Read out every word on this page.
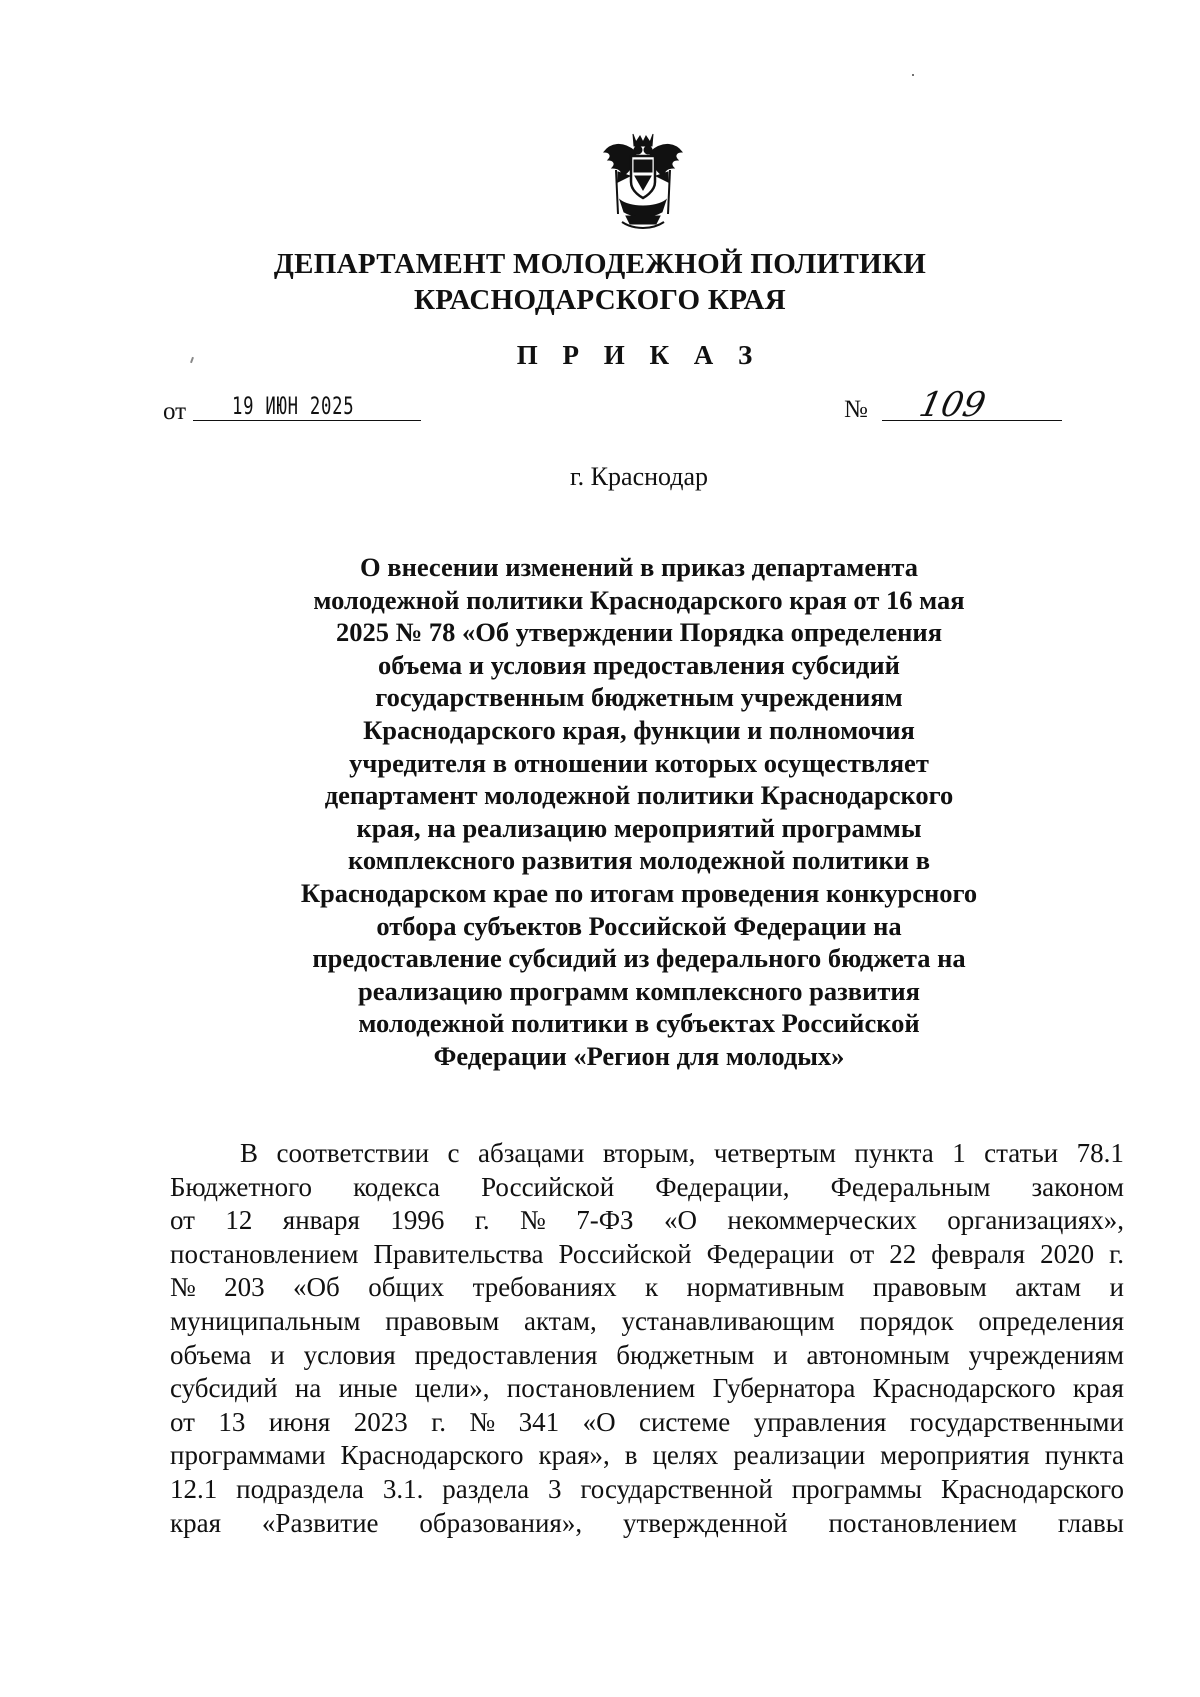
ДЕПАРТАМЕНТ МОЛОДЕЖНОЙ ПОЛИТИКИ
КРАСНОДАРСКОГО КРАЯ
П Р И К А З
от 19 ИЮН 2025	№ 109
г. Краснодар
О внесении изменений в приказ департамента
молодежной политики Краснодарского края от 16 мая
2025 № 78 «Об утверждении Порядка определения
объема и условия предоставления субсидий
государственным бюджетным учреждениям
Краснодарского края, функции и полномочия
учредителя в отношении которых осуществляет
департамент молодежной политики Краснодарского
края, на реализацию мероприятий программы
комплексного развития молодежной политики в
Краснодарском крае по итогам проведения конкурсного
отбора субъектов Российской Федерации на
предоставление субсидий из федерального бюджета на
реализацию программ комплексного развития
молодежной политики в субъектах Российской
Федерации «Регион для молодых»
В соответствии с абзацами вторым, четвертым пункта 1 статьи 78.1
Бюджетного кодекса Российской Федерации, Федеральным законом
от 12 января 1996 г. № 7-ФЗ «О некоммерческих организациях»,
постановлением Правительства Российской Федерации от 22 февраля 2020 г.
№ 203 «Об общих требованиях к нормативным правовым актам и
муниципальным правовым актам, устанавливающим порядок определения
объема и условия предоставления бюджетным и автономным учреждениям
субсидий на иные цели», постановлением Губернатора Краснодарского края
от 13 июня 2023 г. № 341 «О системе управления государственными
программами Краснодарского края», в целях реализации мероприятия пункта
12.1 подраздела 3.1. раздела 3 государственной программы Краснодарского
края «Развитие образования», утвержденной постановлением главы
